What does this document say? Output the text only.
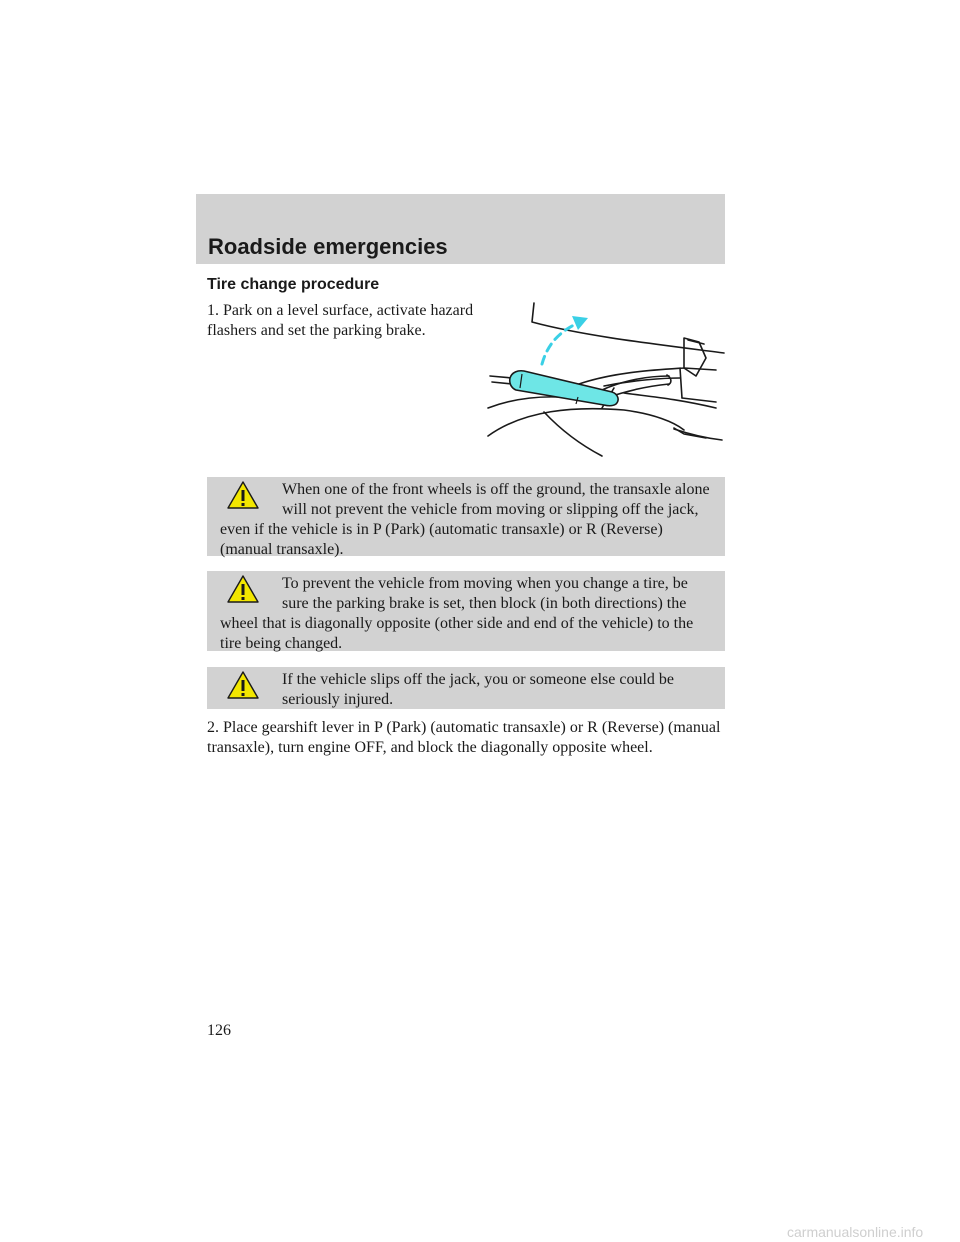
Roadside emergencies
Tire change procedure
1. Park on a level surface, activate hazard flashers and set the parking brake.
When one of the front wheels is off the ground, the transaxle alone will not prevent the vehicle from moving or slipping off the jack, even if the vehicle is in P (Park) (automatic transaxle) or R (Reverse) (manual transaxle).
To prevent the vehicle from moving when you change a tire, be sure the parking brake is set, then block (in both directions) the wheel that is diagonally opposite (other side and end of the vehicle) to the tire being changed.
If the vehicle slips off the jack, you or someone else could be seriously injured.
2. Place gearshift lever in P (Park) (automatic transaxle) or R (Reverse) (manual transaxle), turn engine OFF, and block the diagonally opposite wheel.
126
carmanualsonline.info
